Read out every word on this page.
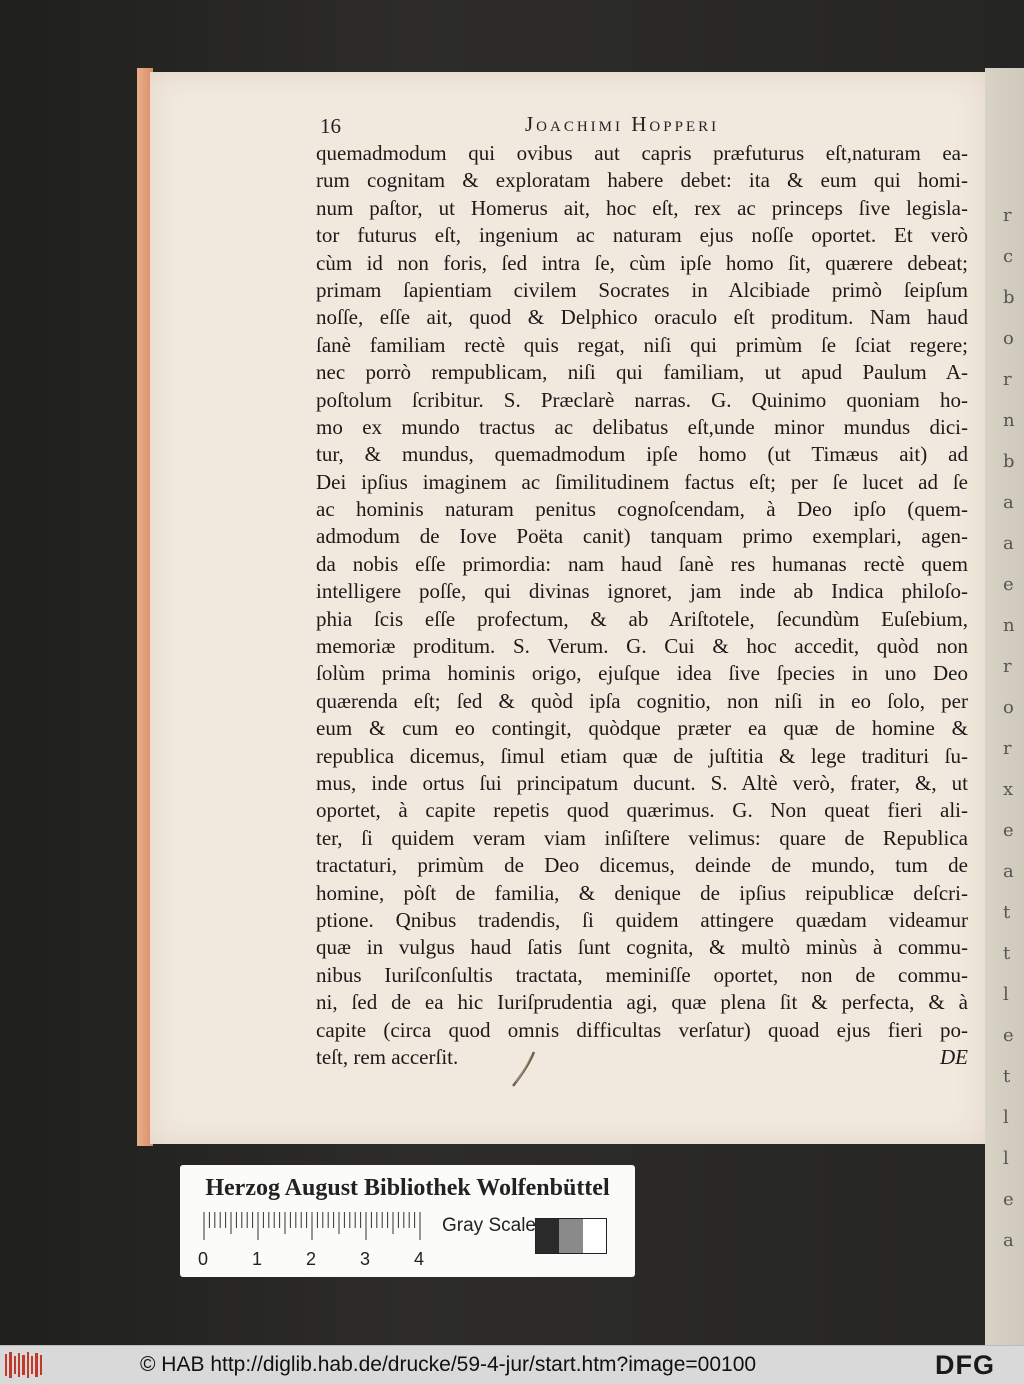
r
c
b
o
r
n
b
a
a
e
n
r
o
r
x
e
a
t
t
l
e
t
l
l
e
a
16	Joachimi Hopperi
quemadmodum qui ovibus aut capris præfuturus eſt,naturam ea-
rum cognitam & exploratam habere debet: ita & eum qui homi-
num paſtor, ut Homerus ait, hoc eſt, rex ac princeps ſive legisla-
tor futurus eſt, ingenium ac naturam ejus noſſe oportet. Et verò
cùm id non foris, ſed intra ſe, cùm ipſe homo ſit, quærere debeat;
primam ſapientiam civilem Socrates in Alcibiade primò ſeipſum
noſſe, eſſe ait, quod & Delphico oraculo eſt proditum. Nam haud
ſanè familiam rectè quis regat, niſi qui primùm ſe ſciat regere;
nec porrò rempublicam, niſi qui familiam, ut apud Paulum A-
poſtolum ſcribitur. S. Præclarè narras. G. Quinimo quoniam ho-
mo ex mundo tractus ac delibatus eſt,unde minor mundus dici-
tur, & mundus, quemadmodum ipſe homo (ut Timæus ait) ad
Dei ipſius imaginem ac ſimilitudinem factus eſt; per ſe lucet ad ſe
ac hominis naturam penitus cognoſcendam, à Deo ipſo (quem-
admodum de Iove Poëta canit) tanquam primo exemplari, agen-
da nobis eſſe primordia: nam haud ſanè res humanas rectè quem
intelligere poſſe, qui divinas ignoret, jam inde ab Indica philoſo-
phia ſcis eſſe profectum, & ab Ariſtotele, ſecundùm Euſebium,
memoriæ proditum. S. Verum. G. Cui & hoc accedit, quòd non
ſolùm prima hominis origo, ejuſque idea ſive ſpecies in uno Deo
quærenda eſt; ſed & quòd ipſa cognitio, non niſi in eo ſolo, per
eum & cum eo contingit, quòdque præter ea quæ de homine &
republica dicemus, ſimul etiam quæ de juſtitia & lege tradituri ſu-
mus, inde ortus ſui principatum ducunt. S. Altè verò, frater, &, ut
oportet, à capite repetis quod quærimus. G. Non queat fieri ali-
ter, ſi quidem veram viam inſiſtere velimus: quare de Republica
tractaturi, primùm de Deo dicemus, deinde de mundo, tum de
homine, pòſt de familia, & denique de ipſius reipublicæ deſcri-
ptione. Qnibus tradendis, ſi quidem attingere quædam videamur
quæ in vulgus haud ſatis ſunt cognita, & multò minùs à commu-
nibus Iuriſconſultis tractata, meminiſſe oportet, non de commu-
ni, ſed de ea hic Iuriſprudentia agi, quæ plena ſit & perfecta, & à
capite (circa quod omnis difficultas verſatur) quoad ejus fieri po-
teſt, rem accerſit.	DE
Herzog August Bibliothek Wolfenbüttel
0 1 2 3 4
Gray Scale
© HAB http://diglib.hab.de/drucke/59-4-jur/start.htm?image=00100	DFG
